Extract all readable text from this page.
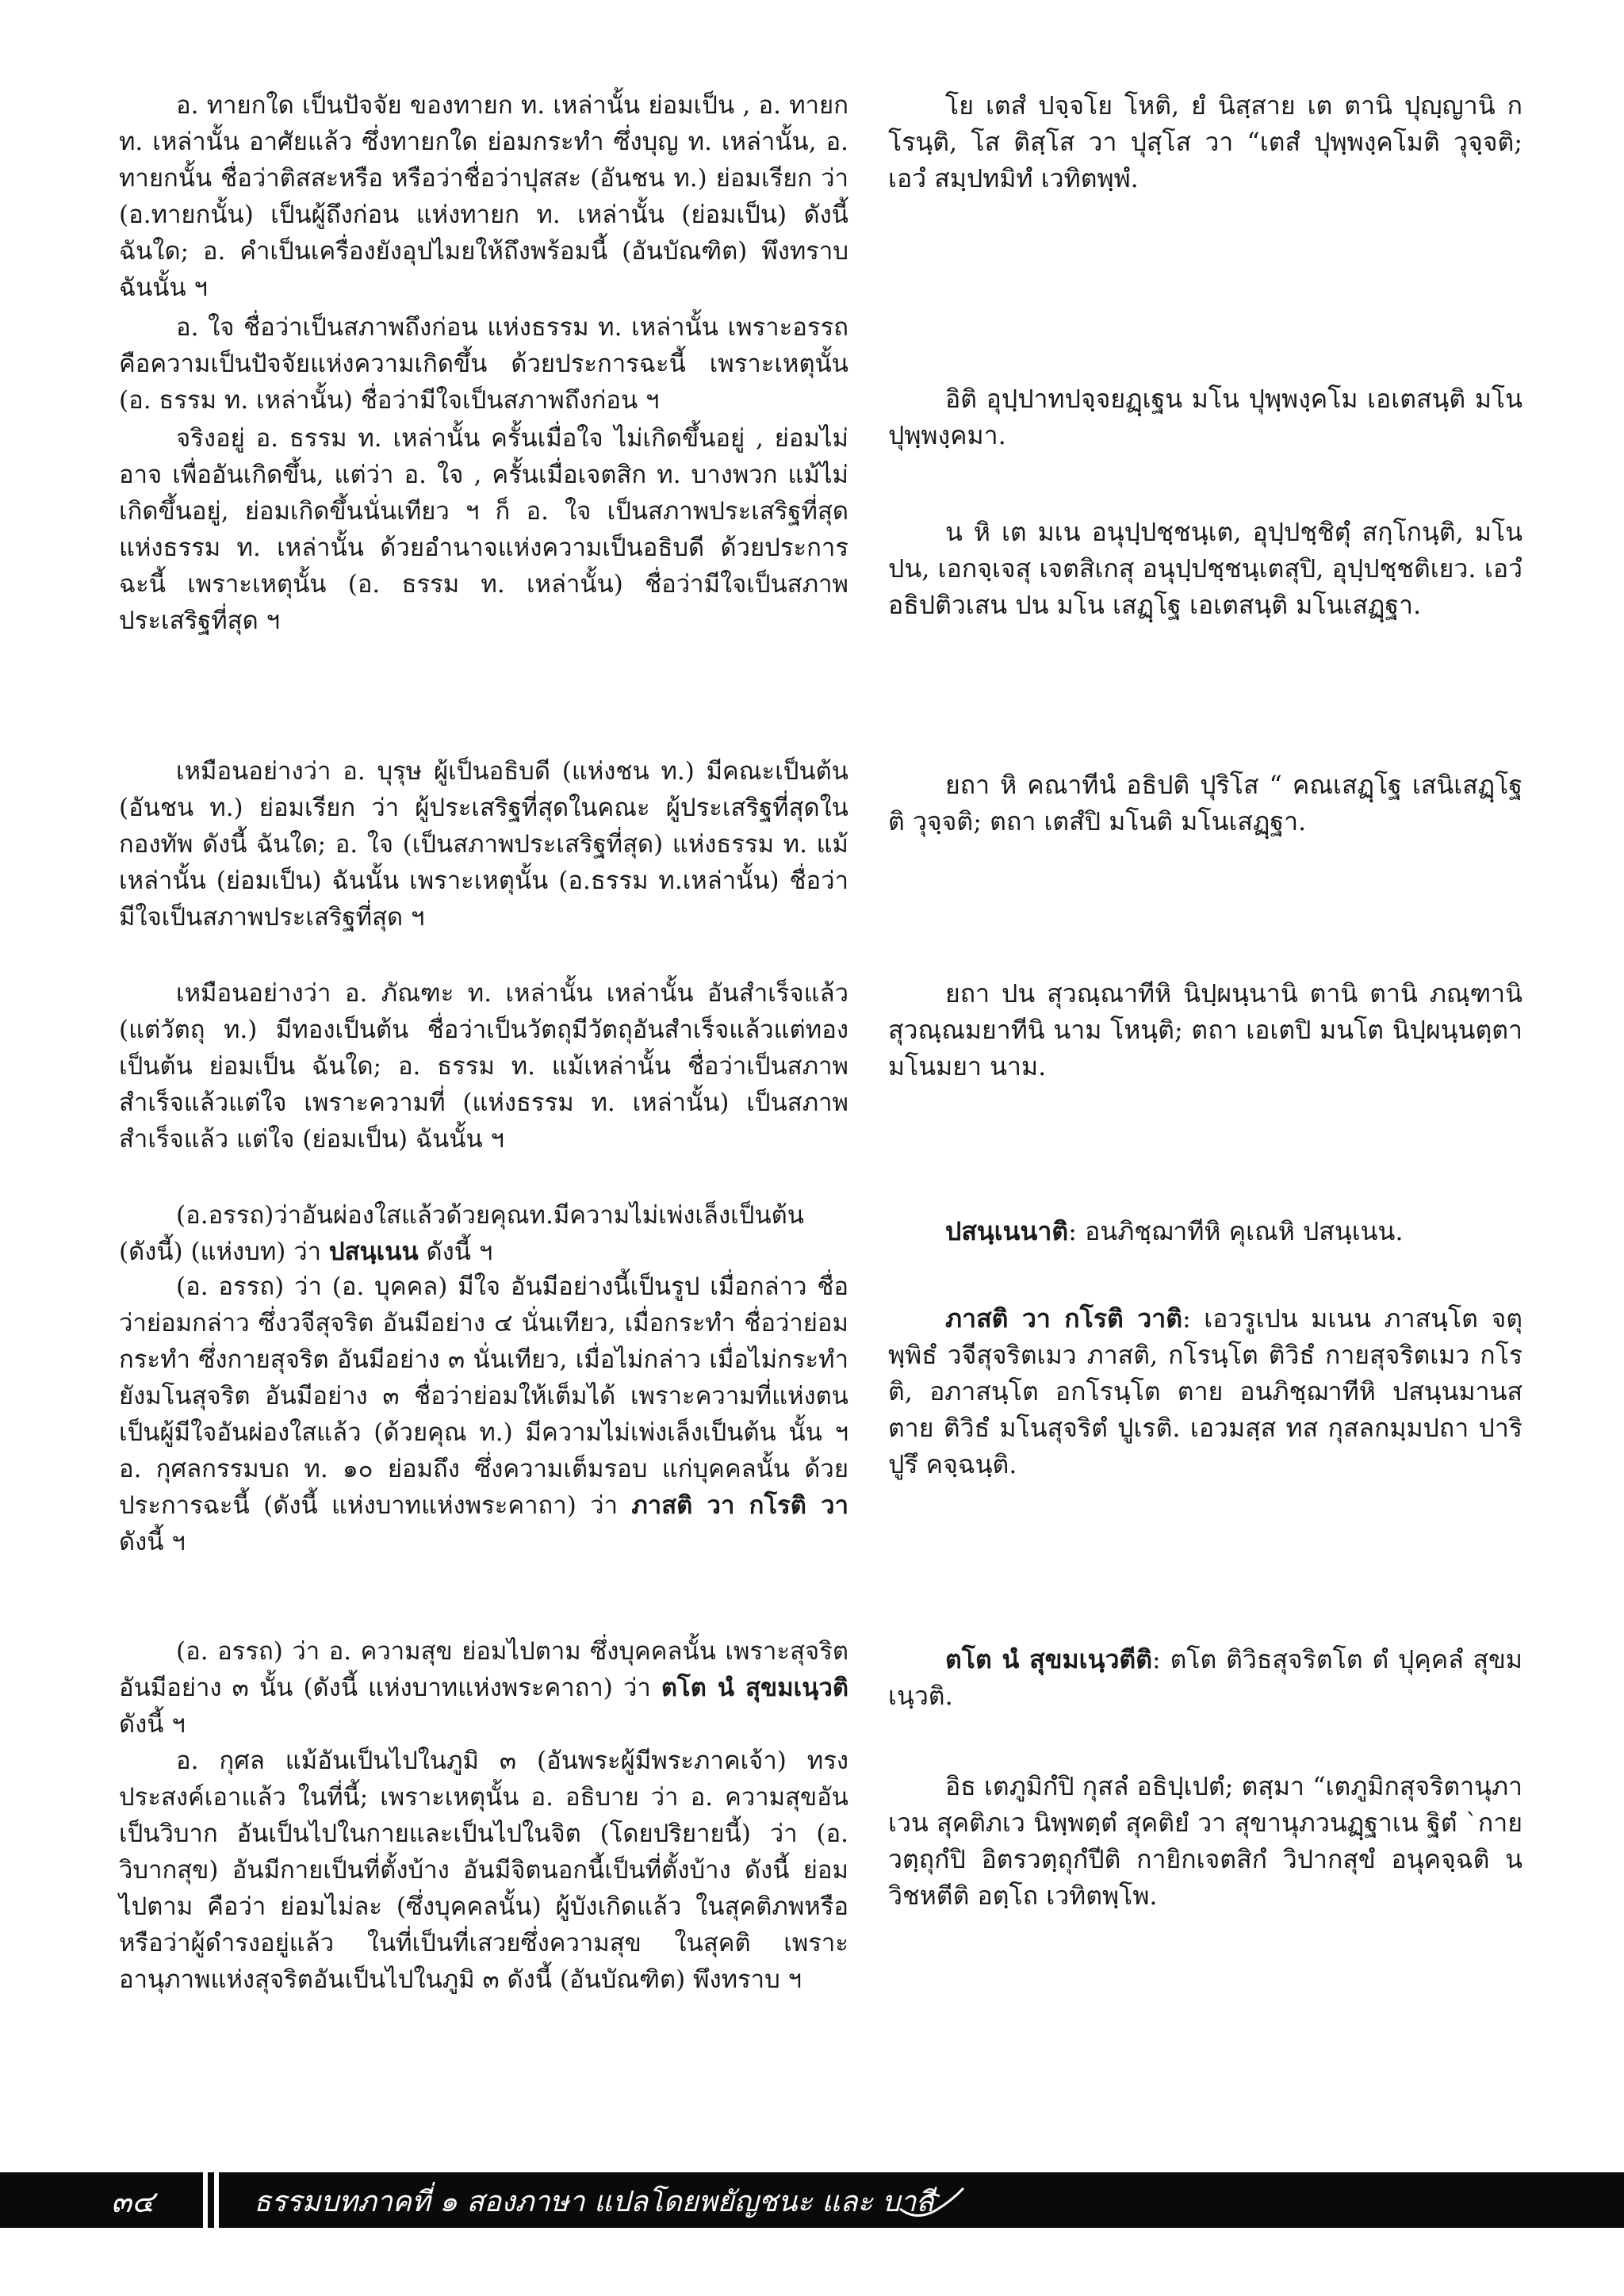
อ. ทายกใด เป็นปัจจัย ของทายก ท. เหล่านั้น ย่อมเป็น , อ. ทายก ท. เหล่านั้น อาศัยแล้ว ซึ่งทายกใด ย่อมกระทำ ซึ่งบุญ ท. เหล่านั้น, อ. ทายกนั้น ชื่อว่าติสสะหรือ หรือว่าชื่อว่าปุสสะ (อันชน ท.) ย่อมเรียก ว่า (อ.ทายกนั้น) เป็นผู้ถึงก่อน แห่งทายก ท. เหล่านั้น (ย่อมเป็น) ดังนี้ ฉันใด; อ. คำเป็นเครื่องยังอุปไมยให้ถึงพร้อมนี้ (อันบัณฑิต) พึงทราบฉันนั้น ฯ

อ. ใจ ชื่อว่าเป็นสภาพถึงก่อน แห่งธรรม ท. เหล่านั้น เพราะอรรถคือความเป็นปัจจัยแห่งความเกิดขึ้น ด้วยประการฉะนี้ เพราะเหตุนั้น (อ. ธรรม ท. เหล่านั้น) ชื่อว่ามีใจเป็นสภาพถึงก่อน ฯ

จริงอยู่ อ. ธรรม ท. เหล่านั้น ครั้นเมื่อใจ ไม่เกิดขึ้นอยู่ , ย่อมไม่อาจ เพื่ออันเกิดขึ้น, แต่ว่า อ. ใจ , ครั้นเมื่อเจตสิก ท. บางพวก แม้ไม่เกิดขึ้นอยู่, ย่อมเกิดขึ้นนั่นเทียว ฯ ก็ อ. ใจ เป็นสภาพประเสริฐที่สุด แห่งธรรม ท. เหล่านั้น ด้วยอำนาจแห่งความเป็นอธิบดี ด้วยประการฉะนี้ เพราะเหตุนั้น (อ. ธรรม ท. เหล่านั้น) ชื่อว่ามีใจเป็นสภาพประเสริฐที่สุด ฯ

เหมือนอย่างว่า อ. บุรุษ ผู้เป็นอธิบดี (แห่งชน ท.) มีคณะเป็นต้น (อันชน ท.) ย่อมเรียก ว่า ผู้ประเสริฐที่สุดในคณะ ผู้ประเสริฐที่สุดในกองทัพ ดังนี้ ฉันใด; อ. ใจ (เป็นสภาพประเสริฐที่สุด) แห่งธรรม ท. แม้เหล่านั้น (ย่อมเป็น) ฉันนั้น เพราะเหตุนั้น (อ.ธรรม ท.เหล่านั้น) ชื่อว่ามีใจเป็นสภาพประเสริฐที่สุด ฯ

เหมือนอย่างว่า อ. ภัณฑะ ท. เหล่านั้น เหล่านั้น อันสำเร็จแล้ว (แต่วัตถุ ท.) มีทองเป็นต้น ชื่อว่าเป็นวัตถุมีวัตถุอันสำเร็จแล้วแต่ทองเป็นต้น ย่อมเป็น ฉันใด; อ. ธรรม ท. แม้เหล่านั้น ชื่อว่าเป็นสภาพสำเร็จแล้วแต่ใจ เพราะความที่ (แห่งธรรม ท. เหล่านั้น) เป็นสภาพสำเร็จแล้ว แต่ใจ (ย่อมเป็น) ฉันนั้น ฯ

(อ.อรรถ)ว่าอันผ่องใสแล้วด้วยคุณท.มีความไม่เพ่งเล็งเป็นต้น (ดังนี้) (แห่งบท) ว่า ปสนฺเนน ดังนี้ ฯ

(อ. อรรถ) ว่า (อ. บุคคล) มีใจ อันมีอย่างนี้เป็นรูป เมื่อกล่าว ชื่อว่าย่อมกล่าว ซึ่งวจีสุจริต อันมีอย่าง ๔ นั่นเทียว, เมื่อกระทำ ชื่อว่าย่อมกระทำ ซึ่งกายสุจริต อันมีอย่าง ๓ นั่นเทียว, เมื่อไม่กล่าว เมื่อไม่กระทำ ยังมโนสุจริต อันมีอย่าง ๓ ชื่อว่าย่อมให้เต็มได้ เพราะความที่แห่งตนเป็นผู้มีใจอันผ่องใสแล้ว (ด้วยคุณ ท.) มีความไม่เพ่งเล็งเป็นต้น นั้น ฯ อ. กุศลกรรมบถ ท. ๑๐ ย่อมถึง ซึ่งความเต็มรอบ แก่บุคคลนั้น ด้วยประการฉะนี้ (ดังนี้ แห่งบาทแห่งพระคาถา) ว่า ภาสติ วา กโรติ วา ดังนี้ ฯ

(อ. อรรถ) ว่า อ. ความสุข ย่อมไปตาม ซึ่งบุคคลนั้น เพราะสุจริตอันมีอย่าง ๓ นั้น (ดังนี้ แห่งบาทแห่งพระคาถา) ว่า ตโต นํ สุขมเนฺวติ ดังนี้ ฯ

อ. กุศล แม้อันเป็นไปในภูมิ ๓ (อันพระผู้มีพระภาคเจ้า) ทรงประสงค์เอาแล้ว ในที่นี้; เพราะเหตุนั้น อ. อธิบาย ว่า อ. ความสุขอันเป็นวิบาก อันเป็นไปในกายและเป็นไปในจิต (โดยปริยายนี้) ว่า (อ. วิบากสุข) อันมีกายเป็นที่ตั้งบ้าง อันมีจิตนอกนี้เป็นที่ตั้งบ้าง ดังนี้ ย่อมไปตาม คือว่า ย่อมไม่ละ (ซึ่งบุคคลนั้น) ผู้บังเกิดแล้ว ในสุคติภพหรือ หรือว่าผู้ดำรงอยู่แล้ว ในที่เป็นที่เสวยซึ่งความสุข ในสุคติ เพราะอานุภาพแห่งสุจริตอันเป็นไปในภูมิ ๓ ดังนี้ (อันบัณฑิต) พึงทราบ ฯ

โย เตสํ ปจฺจโย โหติ, ยํ นิสฺสาย เต ตานิ ปุญฺญานิ กโรนฺติ, โส ติสฺโส วา ปุสฺโส วา “เตสํ ปุพฺพงฺคโมติ วุจฺจติ; เอวํ สมฺปทมิทํ เวทิตพฺพํ.

อิติ อุปฺปาทปจฺจยฏฺเฐน มโน ปุพฺพงฺคโม เอเตสนฺติ มโนปุพฺพงฺคมา.

น หิ เต มเน อนุปฺปชฺชนฺเต, อุปฺปชฺชิตุํ สกฺโกนฺติ, มโน ปน, เอกจฺเจสุ เจตสิเกสุ อนุปฺปชฺชนฺเตสุปิ, อุปฺปชฺชติเยว. เอวํ อธิปติวเสน ปน มโน เสฏฺโฐ เอเตสนฺติ มโนเสฏฺฐา.

ยถา หิ คณาทีนํ อธิปติ ปุริโส “ คณเสฏฺโฐ เสนิเสฏฺโฐติ วุจฺจติ; ตถา เตสํปิ มโนติ มโนเสฏฺฐา.

ยถา ปน สุวณฺณาทีหิ นิปฺผนฺนานิ ตานิ ตานิ ภณฺฑานิ สุวณฺณมยาทีนิ นาม โหนฺติ; ตถา เอเตปิ มนโต นิปฺผนฺนตฺตา มโนมยา นาม.

ปสนฺเนนาติ: อนภิชฺฌาทีหิ คุเณหิ ปสนฺเนน.

ภาสติ วา กโรติ วาติ: เอวรูเปน มเนน ภาสนฺโต จตุพฺพิธํ วจีสุจริตเมว ภาสติ, กโรนฺโต ติวิธํ กายสุจริตเมว กโรติ, อภาสนฺโต อกโรนฺโต ตาย อนภิชฺฌาทีหิ ปสนฺนมานสตาย ติวิธํ มโนสุจริตํ ปูเรติ. เอวมสฺส ทส กุสลกมฺมปถา ปาริปูรึ คจฺฉนฺติ.

ตโต นํ สุขมเนฺวตีติ: ตโต ติวิธสุจริตโต ตํ ปุคฺคลํ สุขมเนฺวติ.

อิธ เตภูมิกํปิ กุสลํ อธิปฺเปตํ; ตสฺมา “เตภูมิกสุจริตานุภาเวน สุคติภเว นิพฺพตฺตํ สุคติยํ วา สุขานุภวนฏฺฐาเน ฐิตํ `กายวตฺถุกํปิ อิตรวตฺถุกํปีติ กายิกเจตสิกํ วิปากสุขํ อนุคจฺฉติ น วิชหตีติ อตฺโถ เวทิตพฺโพ.

๓๔	ธรรมบทภาคที่ ๑ สองภาษา แปลโดยพยัญชนะ และ บาลี
